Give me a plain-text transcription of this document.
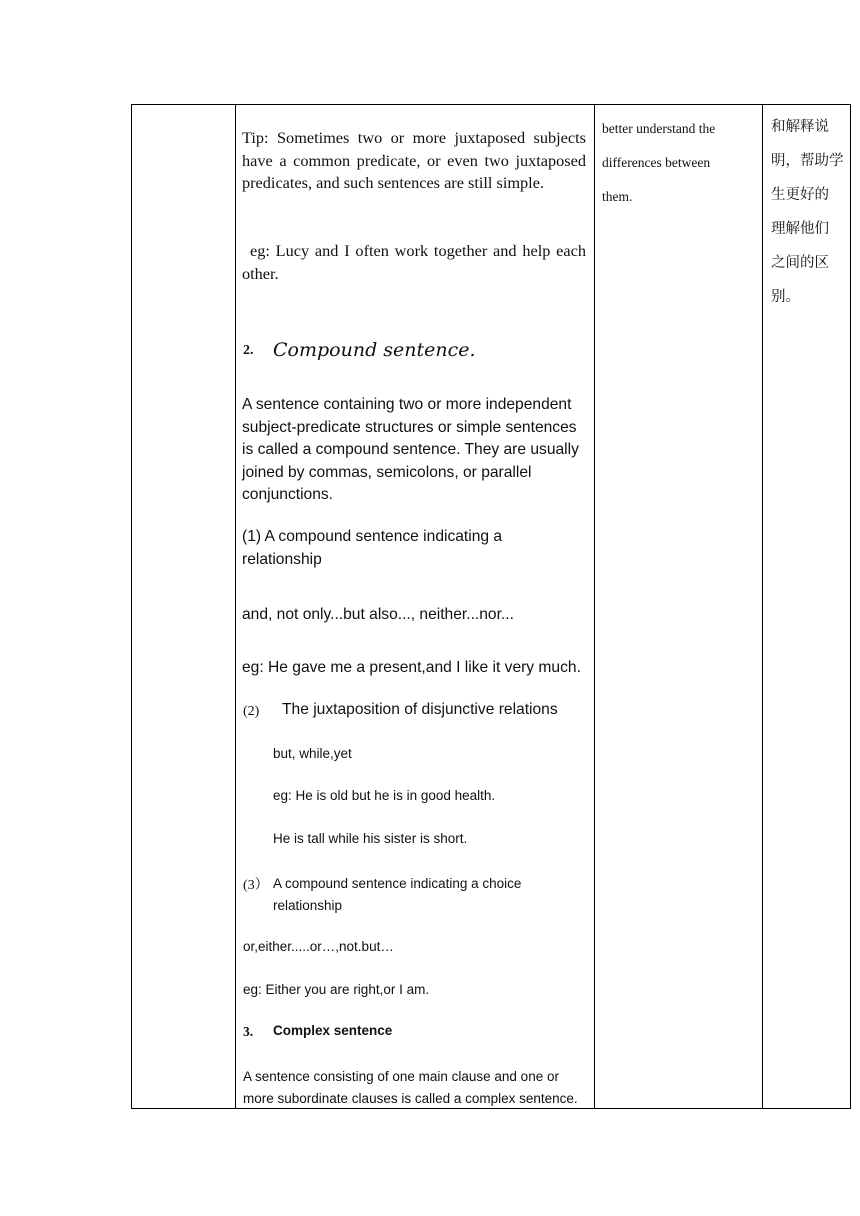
Tip: Sometimes two or more juxtaposed subjects have a common predicate, or even two juxtaposed predicates, and such sentences are still simple.

eg: Lucy and I often work together and help each other.

2. Compound sentence.

A sentence containing two or more independent subject-predicate structures or simple sentences is called a compound sentence. They are usually joined by commas, semicolons, or parallel conjunctions.

(1) A compound sentence indicating a relationship

and, not only...but also..., neither...nor...

eg: He gave me a present,and I like it very much.

(2) The juxtaposition of disjunctive relations

but, while,yet

eg: He is old but he is in good health.

He is tall while his sister is short.

(3） A compound sentence indicating a choice relationship

or,either.....or…,not.but…

eg: Either you are right,or I am.

3. Complex sentence

A sentence consisting of one main clause and one or more subordinate clauses is called a complex sentence.

better understand the
differences between
them.
和解释说
明，帮助学
生更好的
理解他们
之间的区
别。
